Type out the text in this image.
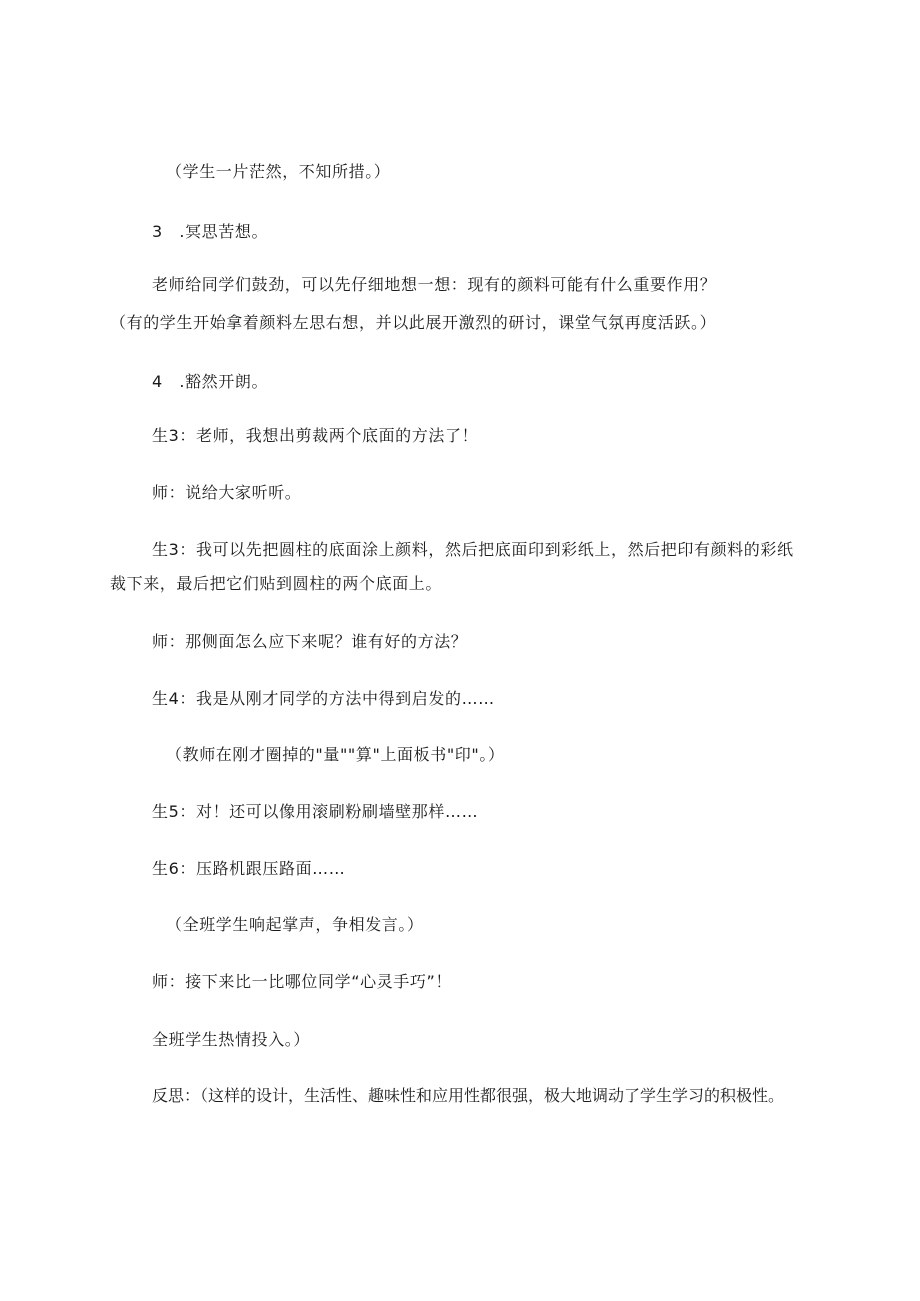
（学生一片茫然，不知所措。）
3　.冥思苦想。
老师给同学们鼓劲，可以先仔细地想一想：现有的颜料可能有什么重要作用？
（有的学生开始拿着颜料左思右想，并以此展开激烈的研讨，课堂气氛再度活跃。）
4　.豁然开朗。
生3：老师，我想出剪裁两个底面的方法了！
师：说给大家听听。
生3：我可以先把圆柱的底面涂上颜料，然后把底面印到彩纸上，然后把印有颜料的彩纸
裁下来，最后把它们贴到圆柱的两个底面上。
师：那侧面怎么应下来呢？谁有好的方法？
生4：我是从刚才同学的方法中得到启发的……
（教师在刚才圈掉的"量""算"上面板书"印"。）
生5：对！还可以像用滚刷粉刷墙壁那样……
生6：压路机跟压路面……
（全班学生响起掌声，争相发言。）
师：接下来比一比哪位同学“心灵手巧”！
全班学生热情投入。）
反思：（这样的设计，生活性、趣味性和应用性都很强，极大地调动了学生学习的积极性。
